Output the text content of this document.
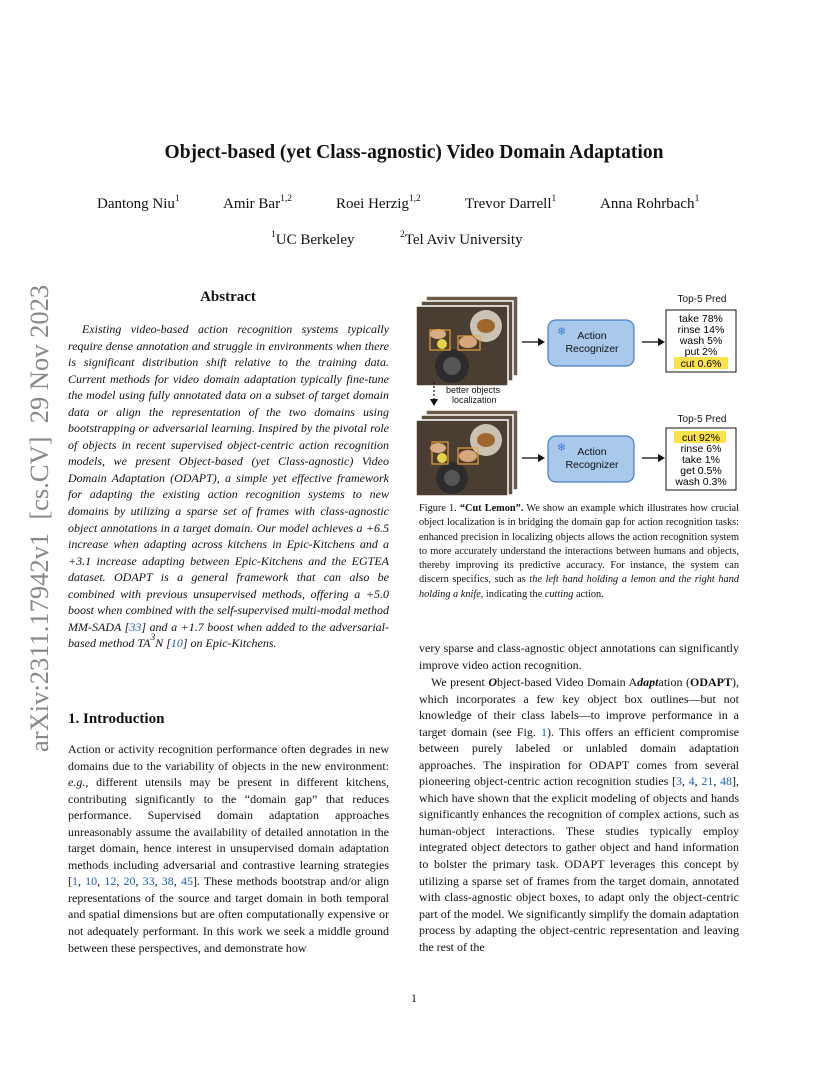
Object-based (yet Class-agnostic) Video Domain Adaptation
Dantong Niu$^1$	Amir Bar$^{1,2}$	Roei Herzig$^{1,2}$	Trevor Darrell$^1$	Anna Rohrbach$^1$
$^1$UC Berkeley	$^2$Tel Aviv University
arXiv:2311.17942v1  [cs.CV]  29 Nov 2023	Abstract
Existing video-based action recognition systems typically require dense annotation and struggle in environments when there is significant distribution shift relative to the training data. Current methods for video domain adaptation typically fine-tune the model using fully annotated data on a subset of target domain data or align the representation of the two domains using bootstrapping or adversarial learning. Inspired by the pivotal role of objects in recent supervised object-centric action recognition models, we present Object-based (yet Class-agnostic) Video Domain Adaptation (ODAPT), a simple yet effective framework for adapting the existing action recognition systems to new domains by utilizing a sparse set of frames with class-agnostic object annotations in a target domain. Our model achieves a +6.5 increase when adapting across kitchens in Epic-Kitchens and a +3.1 increase adapting between Epic-Kitchens and the EGTEA dataset. ODAPT is a general framework that can also be combined with previous unsupervised methods, offering a +5.0 boost when combined with the self-supervised multi-modal method MM-SADA [33] and a +1.7 boost when added to the adversarial-based method $TA^3N$ [10] on Epic-Kitchens.
1. Introduction
Action or activity recognition performance often degrades in new domains due to the variability of objects in the new environment: e.g., different utensils may be present in different kitchens, contributing significantly to the “domain gap” that reduces performance. Supervised domain adaptation approaches unreasonably assume the availability of detailed annotation in the target domain, hence interest in unsupervised domain adaptation methods including adversarial and contrastive learning strategies [1, 10, 12, 20, 33, 38, 45]. These methods bootstrap and/or align representations of the source and target domain in both temporal and spatial dimensions but are often computationally expensive or not adequately performant. In this work we seek a middle ground between these perspectives, and demonstrate how
❄ Action
Recognizer
Top-5 Pred
take 78%
rinse 14%
wash 5%
put 2%
cut 0.6%
better objects
localization
❄ Action
Recognizer
Top-5 Pred
cut 92%
rinse 6%
take 1%
get 0.5%
wash 0.3%
Figure 1. “Cut Lemon”. We show an example which illustrates how crucial object localization is in bridging the domain gap for action recognition tasks: enhanced precision in localizing objects allows the action recognition system to more accurately understand the interactions between humans and objects, thereby improving its predictive accuracy. For instance, the system can discern specifics, such as the left hand holding a lemon and the right hand holding a knife, indicating the cutting action.
very sparse and class-agnostic object annotations can significantly improve video action recognition.
We present Object-based Video Domain Adaptation (ODAPT), which incorporates a few key object box outlines—but not knowledge of their class labels—to improve performance in a target domain (see Fig. 1). This offers an efficient compromise between purely labeled or unlabled domain adaptation approaches. The inspiration for ODAPT comes from several pioneering object-centric action recognition studies [3, 4, 21, 48], which have shown that the explicit modeling of objects and hands significantly enhances the recognition of complex actions, such as human-object interactions. These studies typically employ integrated object detectors to gather object and hand information to bolster the primary task. ODAPT leverages this concept by utilizing a sparse set of frames from the target domain, annotated with class-agnostic object boxes, to adapt only the object-centric part of the model. We significantly simplify the domain adaptation process by adapting the object-centric representation and leaving the rest of the
1
